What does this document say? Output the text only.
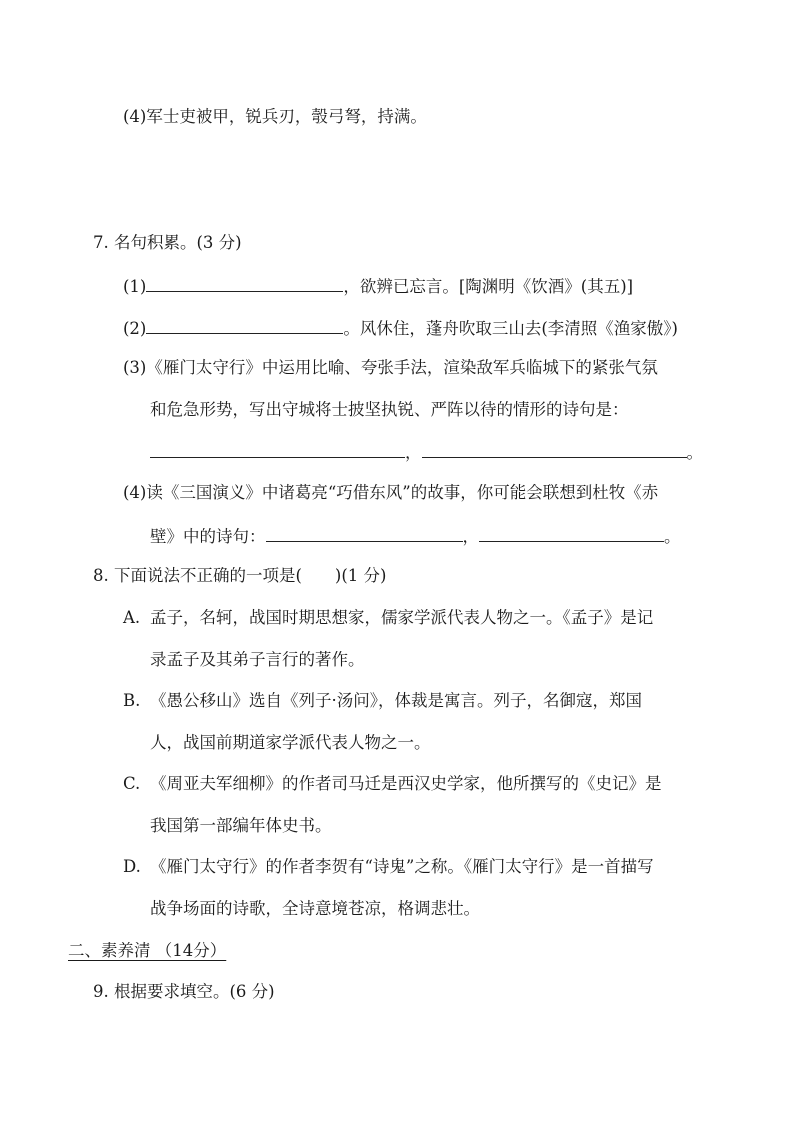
(4)军士吏被甲，锐兵刃，彀弓弩，持满。
7. 名句积累。(3 分)
(1)	，欲辨已忘言。[陶渊明《饮酒》(其五)]
(2)	。风休住，蓬舟吹取三山去(李清照《渔家傲》)
(3)《雁门太守行》中运用比喻、夸张手法，渲染敌军兵临城下的紧张气氛
和危急形势，写出守城将士披坚执锐、严阵以待的情形的诗句是：
，	。
(4)读《三国演义》中诸葛亮“巧借东风”的故事，你可能会联想到杜牧《赤
壁》中的诗句：	，	。
8. 下面说法不正确的一项是(　　)(1 分)
A. 孟子，名轲，战国时期思想家，儒家学派代表人物之一。《孟子》是记
录孟子及其弟子言行的著作。
B. 《愚公移山》选自《列子·汤问》，体裁是寓言。列子，名御寇，郑国
人，战国前期道家学派代表人物之一。
C. 《周亚夫军细柳》的作者司马迁是西汉史学家，他所撰写的《史记》是
我国第一部编年体史书。
D. 《雁门太守行》的作者李贺有“诗鬼”之称。《雁门太守行》是一首描写
战争场面的诗歌，全诗意境苍凉，格调悲壮。
二、素养清 （14分）
9. 根据要求填空。(6 分)
